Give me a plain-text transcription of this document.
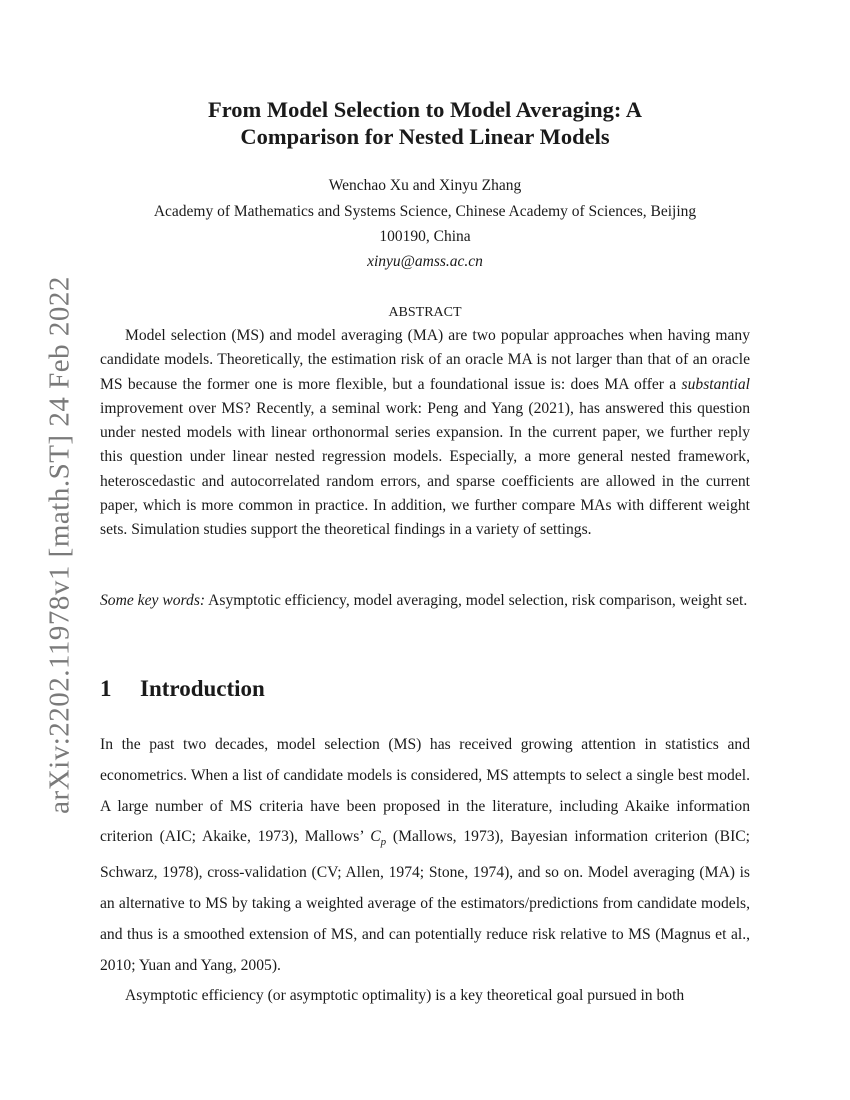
arXiv:2202.11978v1 [math.ST] 24 Feb 2022
From Model Selection to Model Averaging: A
Comparison for Nested Linear Models
Wenchao Xu and Xinyu Zhang
Academy of Mathematics and Systems Science, Chinese Academy of Sciences, Beijing
100190, China
xinyu@amss.ac.cn
ABSTRACT
Model selection (MS) and model averaging (MA) are two popular approaches when having many candidate models. Theoretically, the estimation risk of an oracle MA is not larger than that of an oracle MS because the former one is more flexible, but a foundational issue is: does MA offer a substantial improvement over MS? Recently, a seminal work: Peng and Yang (2021), has answered this question under nested models with linear orthonormal series expansion. In the current paper, we further reply this question under linear nested regression models. Especially, a more general nested framework, heteroscedastic and autocorrelated random errors, and sparse coefficients are allowed in the current paper, which is more common in practice. In addition, we further compare MAs with different weight sets. Simulation studies support the theoretical findings in a variety of settings.
Some key words: Asymptotic efficiency, model averaging, model selection, risk comparison, weight set.
1 Introduction

In the past two decades, model selection (MS) has received growing attention in statistics and econometrics. When a list of candidate models is considered, MS attempts to select a single best model. A large number of MS criteria have been proposed in the literature, including Akaike information criterion (AIC; Akaike, 1973), Mallows’ $C_p$ (Mallows, 1973), Bayesian information criterion (BIC; Schwarz, 1978), cross-validation (CV; Allen, 1974; Stone, 1974), and so on. Model averaging (MA) is an alternative to MS by taking a weighted average of the estimators/predictions from candidate models, and thus is a smoothed extension of MS, and can potentially reduce risk relative to MS (Magnus et al., 2010; Yuan and Yang, 2005).

Asymptotic efficiency (or asymptotic optimality) is a key theoretical goal pursued in both
